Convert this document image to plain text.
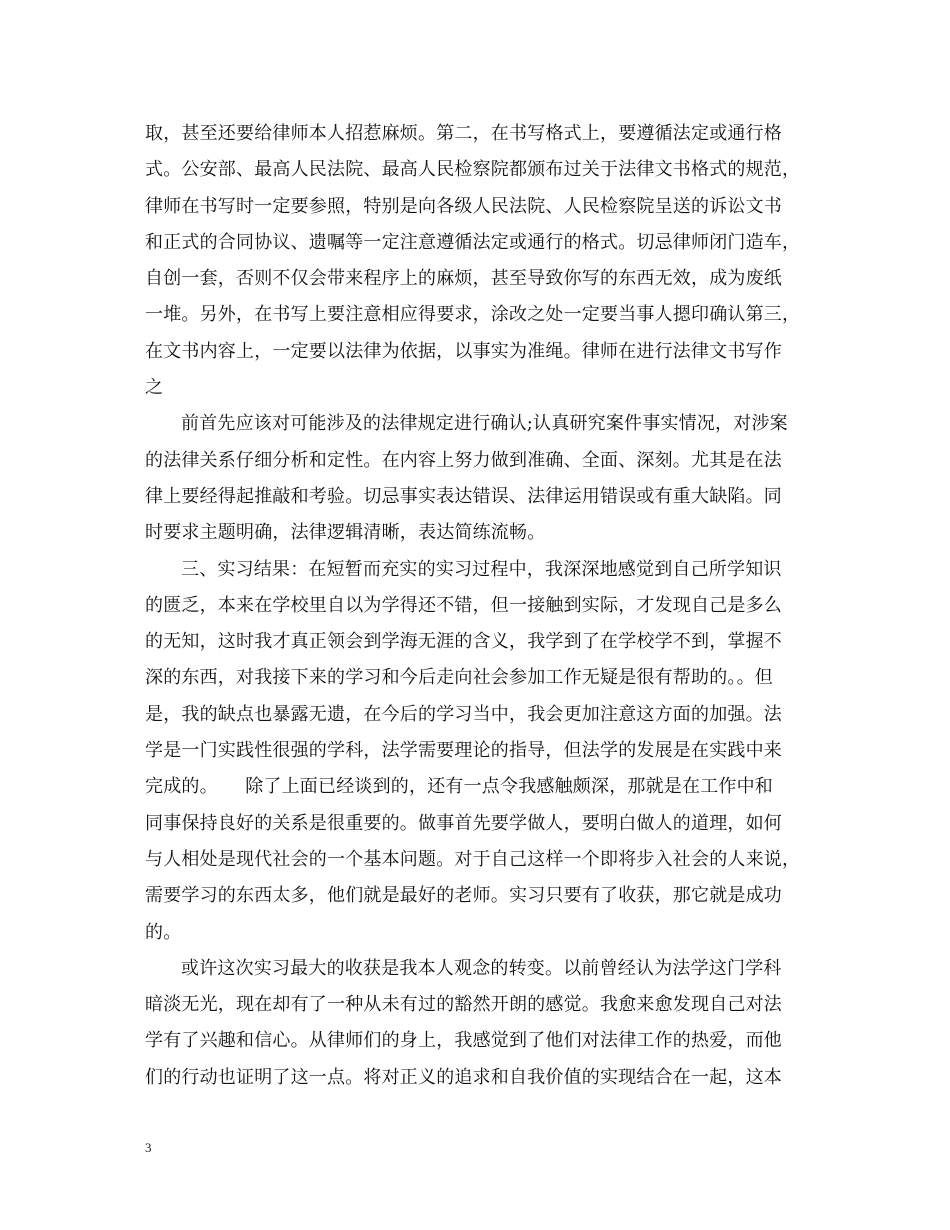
取，甚至还要给律师本人招惹麻烦。第二，在书写格式上，要遵循法定或通行格
式。公安部、最高人民法院、最高人民检察院都颁布过关于法律文书格式的规范，
律师在书写时一定要参照，特别是向各级人民法院、人民检察院呈送的诉讼文书
和正式的合同协议、遗嘱等一定注意遵循法定或通行的格式。切忌律师闭门造车，
自创一套，否则不仅会带来程序上的麻烦，甚至导致你写的东西无效，成为废纸
一堆。另外，在书写上要注意相应得要求，涂改之处一定要当事人摁印确认第三，
在文书内容上，一定要以法律为依据，以事实为准绳。律师在进行法律文书写作
之

前首先应该对可能涉及的法律规定进行确认;认真研究案件事实情况，对涉案
的法律关系仔细分析和定性。在内容上努力做到准确、全面、深刻。尤其是在法
律上要经得起推敲和考验。切忌事实表达错误、法律运用错误或有重大缺陷。同
时要求主题明确，法律逻辑清晰，表达简练流畅。

三、实习结果：在短暂而充实的实习过程中，我深深地感觉到自己所学知识
的匮乏，本来在学校里自以为学得还不错，但一接触到实际，才发现自己是多么
的无知，这时我才真正领会到学海无涯的含义，我学到了在学校学不到，掌握不
深的东西，对我接下来的学习和今后走向社会参加工作无疑是很有帮助的。。但
是，我的缺点也暴露无遗，在今后的学习当中，我会更加注意这方面的加强。法
学是一门实践性很强的学科，法学需要理论的指导，但法学的发展是在实践中来
完成的。　　除了上面已经谈到的，还有一点令我感触颇深，那就是在工作中和
同事保持良好的关系是很重要的。做事首先要学做人，要明白做人的道理，如何
与人相处是现代社会的一个基本问题。对于自己这样一个即将步入社会的人来说，
需要学习的东西太多，他们就是最好的老师。实习只要有了收获，那它就是成功
的。

或许这次实习最大的收获是我本人观念的转变。以前曾经认为法学这门学科
暗淡无光，现在却有了一种从未有过的豁然开朗的感觉。我愈来愈发现自己对法
学有了兴趣和信心。从律师们的身上，我感觉到了他们对法律工作的热爱，而他
们的行动也证明了这一点。将对正义的追求和自我价值的实现结合在一起，这本

3
